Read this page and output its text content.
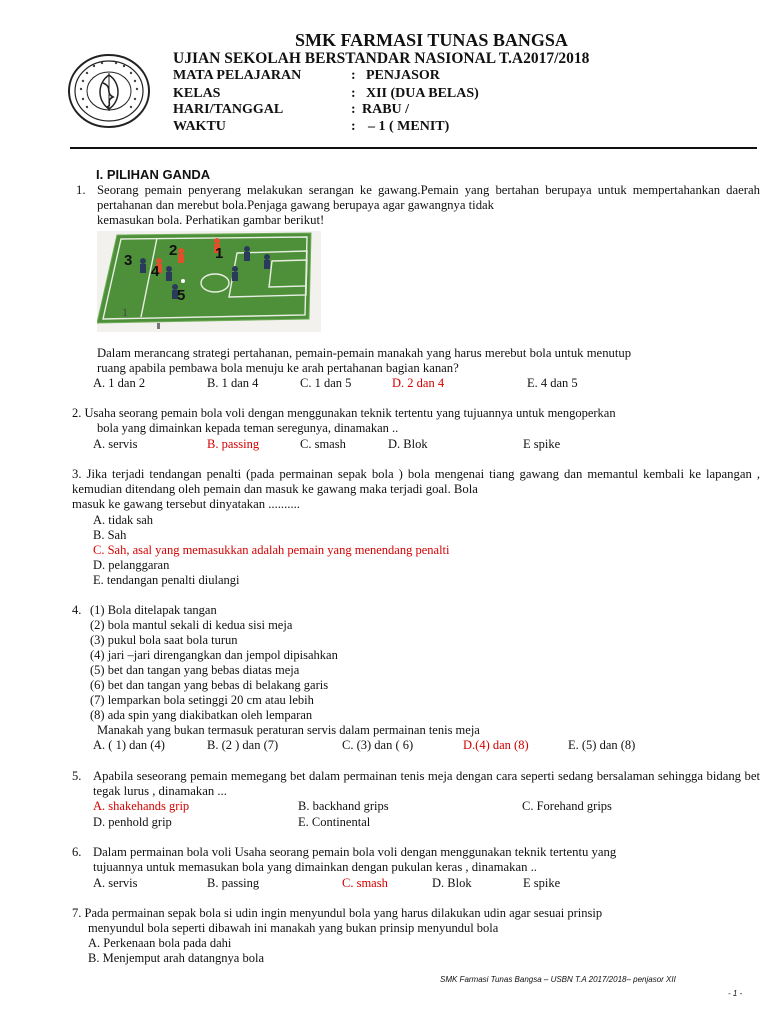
SMK FARMASI TUNAS BANGSA
UJIAN SEKOLAH BERSTANDAR NASIONAL T.A2017/2018
MATA PELAJARAN	: PENJASOR
KELAS	: XII (DUA BELAS)
HARI/TANGGAL	: RABU /
WAKTU	: – 1 ( MENIT)
I. PILIHAN GANDA
1. Seorang pemain penyerang melakukan serangan ke gawang.Pemain yang bertahan berupaya untuk mempertahankan daerah pertahanan dan merebut bola.Penjaga gawang berupaya agar gawangnya tidak
kemasukan bola. Perhatikan gambar berikut!
3
2	1
4
5
1
Dalam merancang strategi pertahanan, pemain-pemain manakah yang harus merebut bola untuk menutup
ruang apabila pembawa bola menuju ke arah pertahanan bagian kanan?
A. 1 dan 2	B. 1 dan 4	C. 1 dan 5	D. 2 dan 4	E. 4 dan 5
2. Usaha seorang pemain bola voli dengan menggunakan teknik tertentu yang tujuannya untuk mengoperkan
bola yang dimainkan kepada teman seregunya, dinamakan ..
A. servis	B. passing	C. smash	D. Blok	E spike
3. Jika terjadi tendangan penalti (pada permainan sepak bola ) bola mengenai tiang gawang dan memantul kembali ke lapangan , kemudian ditendang oleh pemain dan masuk ke gawang maka terjadi goal. Bola
masuk ke gawang tersebut dinyatakan ..........
A. tidak sah
B. Sah
C. Sah, asal yang memasukkan adalah pemain yang menendang penalti
D. pelanggaran
E. tendangan penalti diulangi
4. (1) Bola ditelapak tangan
(2) bola mantul sekali di kedua sisi meja
(3) pukul bola saat bola turun
(4) jari –jari direngangkan dan jempol dipisahkan
(5) bet dan tangan yang bebas diatas meja
(6) bet dan tangan yang bebas di belakang garis
(7) lemparkan bola setinggi 20 cm atau lebih
(8) ada spin yang diakibatkan oleh lemparan
Manakah yang bukan termasuk peraturan servis dalam permainan tenis meja
A. ( 1) dan (4)	B. (2 ) dan (7)	C. (3) dan ( 6)	D.(4) dan (8)	E. (5) dan (8)
5. Apabila seseorang pemain memegang bet dalam permainan tenis meja dengan cara seperti sedang bersalaman sehingga bidang bet tegak lurus , dinamakan ...
A. shakehands grip	B. backhand grips	C. Forehand grips
D. penhold grip	E. Continental
6. Dalam permainan bola voli Usaha seorang pemain bola voli dengan menggunakan teknik tertentu yang
tujuannya untuk memasukan bola yang dimainkan dengan pukulan keras , dinamakan ..
A. servis	B. passing	C. smash	D. Blok	E spike
7. Pada permainan sepak bola si udin ingin menyundul bola yang harus dilakukan udin agar sesuai prinsip
menyundul bola seperti dibawah ini manakah yang bukan prinsip menyundul bola
A. Perkenaan bola pada dahi
B. Menjemput arah datangnya bola
SMK Farmasi Tunas Bangsa – USBN T.A 2017/2018– penjasor XII
- 1 -
